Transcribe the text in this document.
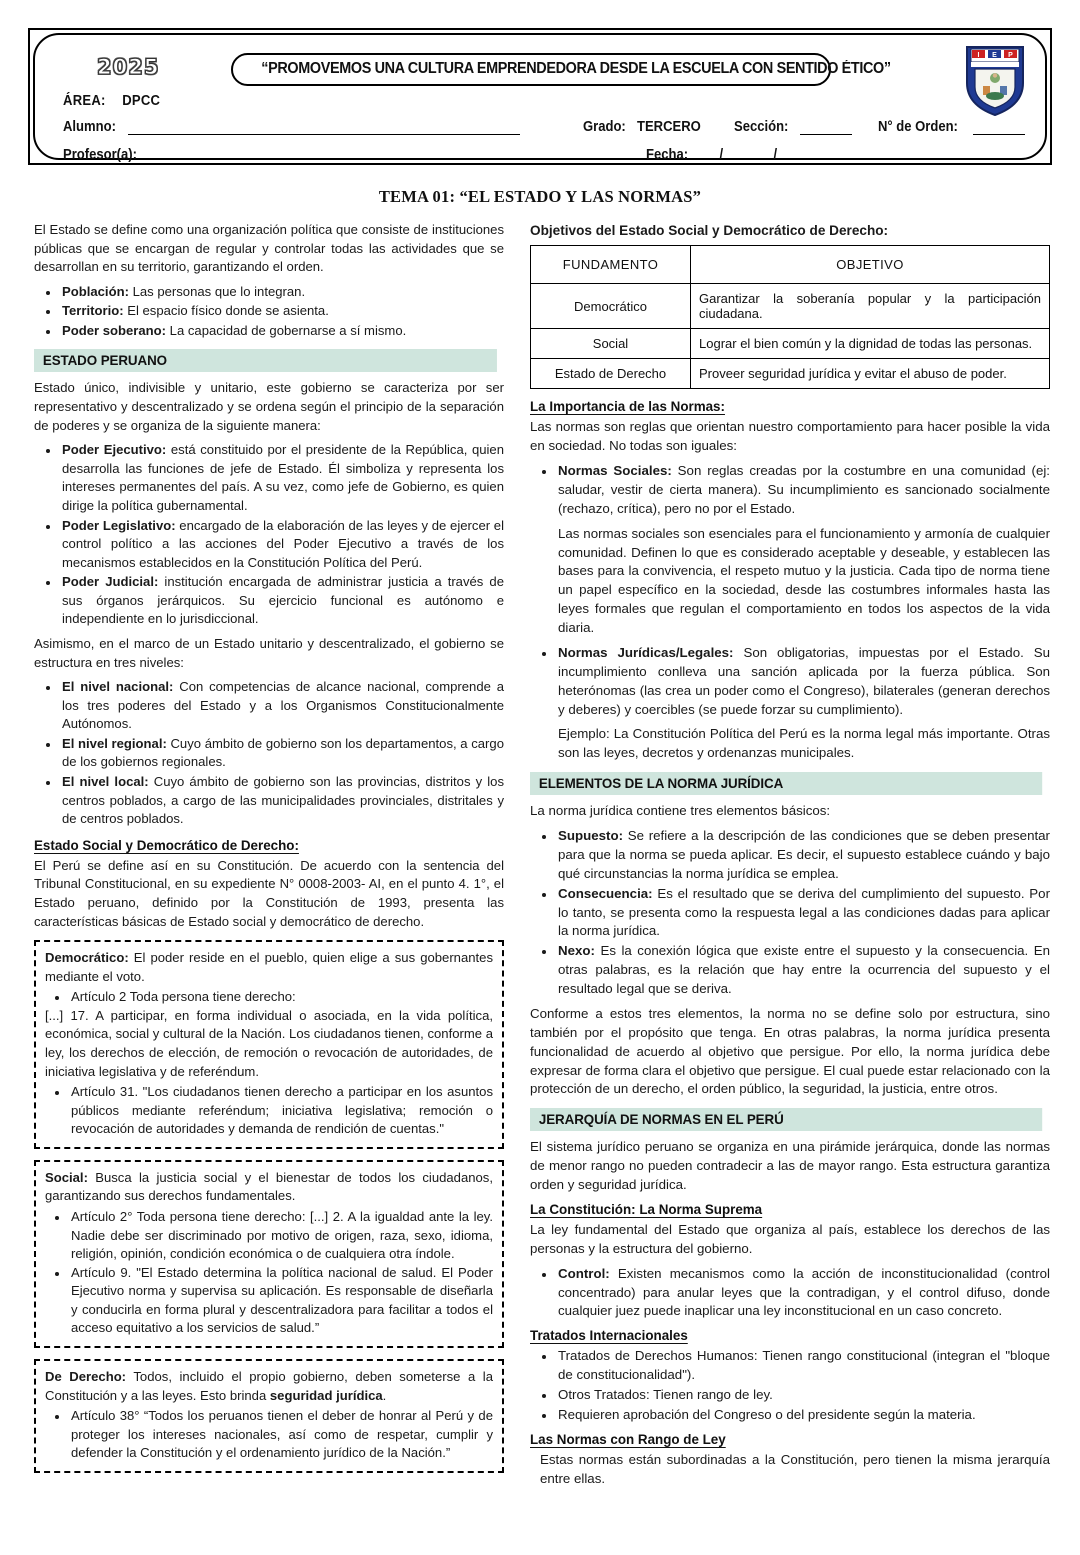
2025	“PROMOVEMOS UNA CULTURA EMPRENDEDORA DESDE LA ESCUELA CON SENTIDO ÉTICO”
I E P
ÁREA: DPCC
Alumno:	Grado: TERCERO Sección:	N° de Orden:
Profesor(a):	Fecha: / /
TEMA 01: “EL ESTADO Y LAS NORMAS”

El Estado se define como una organización política que consiste de instituciones públicas que se encargan de regular y controlar todas las actividades que se desarrollan en su territorio, garantizando el orden.

• Población: Las personas que lo integran.
• Territorio: El espacio físico donde se asienta.
• Poder soberano: La capacidad de gobernarse a sí mismo.
ESTADO PERUANO

Estado único, indivisible y unitario, este gobierno se caracteriza por ser representativo y descentralizado y se ordena según el principio de la separación de poderes y se organiza de la siguiente manera:

• Poder Ejecutivo: está constituido por el presidente de la República, quien desarrolla las funciones de jefe de Estado. Él simboliza y representa los intereses permanentes del país. A su vez, como jefe de Gobierno, es quien dirige la política gubernamental.
• Poder Legislativo: encargado de la elaboración de las leyes y de ejercer el control político a las acciones del Poder Ejecutivo a través de los mecanismos establecidos en la Constitución Política del Perú.
• Poder Judicial: institución encargada de administrar justicia a través de sus órganos jerárquicos. Su ejercicio funcional es autónomo e independiente en lo jurisdiccional.

Asimismo, en el marco de un Estado unitario y descentralizado, el gobierno se estructura en tres niveles:

• El nivel nacional: Con competencias de alcance nacional, comprende a los tres poderes del Estado y a los Organismos Constitucionalmente Autónomos.
• El nivel regional: Cuyo ámbito de gobierno son los departamentos, a cargo de los gobiernos regionales.
• El nivel local: Cuyo ámbito de gobierno son las provincias, distritos y los centros poblados, a cargo de las municipalidades provinciales, distritales y de centros poblados.
Estado Social y Democrático de Derecho:

El Perú se define así en su Constitución. De acuerdo con la sentencia del Tribunal Constitucional, en su expediente N° 0008-2003- AI, en el punto 4. 1°, el Estado peruano, definido por la Constitución de 1993, presenta las características básicas de Estado social y democrático de derecho.

Democrático: El poder reside en el pueblo, quien elige a sus gobernantes mediante el voto.

• Artículo 2 Toda persona tiene derecho:

[...] 17. A participar, en forma individual o asociada, en la vida política, económica, social y cultural de la Nación. Los ciudadanos tienen, conforme a ley, los derechos de elección, de remoción o revocación de autoridades, de iniciativa legislativa y de referéndum.

• Artículo 31. "Los ciudadanos tienen derecho a participar en los asuntos públicos mediante referéndum; iniciativa legislativa; remoción o revocación de autoridades y demanda de rendición de cuentas."

Social: Busca la justicia social y el bienestar de todos los ciudadanos, garantizando sus derechos fundamentales.

• Artículo 2° Toda persona tiene derecho: [...] 2. A la igualdad ante la ley. Nadie debe ser discriminado por motivo de origen, raza, sexo, idioma, religión, opinión, condición económica o de cualquiera otra índole.
• Artículo 9. "El Estado determina la política nacional de salud. El Poder Ejecutivo norma y supervisa su aplicación. Es responsable de diseñarla y conducirla en forma plural y descentralizadora para facilitar a todos el acceso equitativo a los servicios de salud.”

De Derecho: Todos, incluido el propio gobierno, deben someterse a la Constitución y a las leyes. Esto brinda seguridad jurídica.

• Artículo 38° “Todos los peruanos tienen el deber de honrar al Perú y de proteger los intereses nacionales, así como de respetar, cumplir y defender la Constitución y el ordenamiento jurídico de la Nación.”

Objetivos del Estado Social y Democrático de Derecho:

FUNDAMENTO	OBJETIVO
Democrático	Garantizar la soberanía popular y la participación ciudadana.
Social	Lograr el bien común y la dignidad de todas las personas.
Estado de Derecho	Proveer seguridad jurídica y evitar el abuso de poder.
La Importancia de las Normas:

Las normas son reglas que orientan nuestro comportamiento para hacer posible la vida en sociedad. No todas son iguales:

• Normas Sociales: Son reglas creadas por la costumbre en una comunidad (ej: saludar, vestir de cierta manera). Su incumplimiento es sancionado socialmente (rechazo, crítica), pero no por el Estado.

Las normas sociales son esenciales para el funcionamiento y armonía de cualquier comunidad. Definen lo que es considerado aceptable y deseable, y establecen las bases para la convivencia, el respeto mutuo y la justicia. Cada tipo de norma tiene un papel específico en la sociedad, desde las costumbres informales hasta las leyes formales que regulan el comportamiento en todos los aspectos de la vida diaria.

• Normas Jurídicas/Legales: Son obligatorias, impuestas por el Estado. Su incumplimiento conlleva una sanción aplicada por la fuerza pública. Son heterónomas (las crea un poder como el Congreso), bilaterales (generan derechos y deberes) y coercibles (se puede forzar su cumplimiento).

Ejemplo: La Constitución Política del Perú es la norma legal más importante. Otras son las leyes, decretos y ordenanzas municipales.

ELEMENTOS DE LA NORMA JURÍDICA

La norma jurídica contiene tres elementos básicos:

• Supuesto: Se refiere a la descripción de las condiciones que se deben presentar para que la norma se pueda aplicar. Es decir, el supuesto establece cuándo y bajo qué circunstancias la norma jurídica se emplea.
• Consecuencia: Es el resultado que se deriva del cumplimiento del supuesto. Por lo tanto, se presenta como la respuesta legal a las condiciones dadas para aplicar la norma jurídica.
• Nexo: Es la conexión lógica que existe entre el supuesto y la consecuencia. En otras palabras, es la relación que hay entre la ocurrencia del supuesto y el resultado legal que se deriva.

Conforme a estos tres elementos, la norma no se define solo por estructura, sino también por el propósito que tenga. En otras palabras, la norma jurídica presenta funcionalidad de acuerdo al objetivo que persigue. Por ello, la norma jurídica debe expresar de forma clara el objetivo que persigue. El cual puede estar relacionado con la protección de un derecho, el orden público, la seguridad, la justicia, entre otros.

JERARQUÍA DE NORMAS EN EL PERÚ

El sistema jurídico peruano se organiza en una pirámide jerárquica, donde las normas de menor rango no pueden contradecir a las de mayor rango. Esta estructura garantiza orden y seguridad jurídica.

La Constitución: La Norma Suprema

La ley fundamental del Estado que organiza al país, establece los derechos de las personas y la estructura del gobierno.

• Control: Existen mecanismos como la acción de inconstitucionalidad (control concentrado) para anular leyes que la contradigan, y el control difuso, donde cualquier juez puede inaplicar una ley inconstitucional en un caso concreto.
Tratados Internacionales
• Tratados de Derechos Humanos: Tienen rango constitucional (integran el "bloque de constitucionalidad").
• Otros Tratados: Tienen rango de ley.
• Requieren aprobación del Congreso o del presidente según la materia.
Las Normas con Rango de Ley

Estas normas están subordinadas a la Constitución, pero tienen la misma jerarquía entre ellas.
